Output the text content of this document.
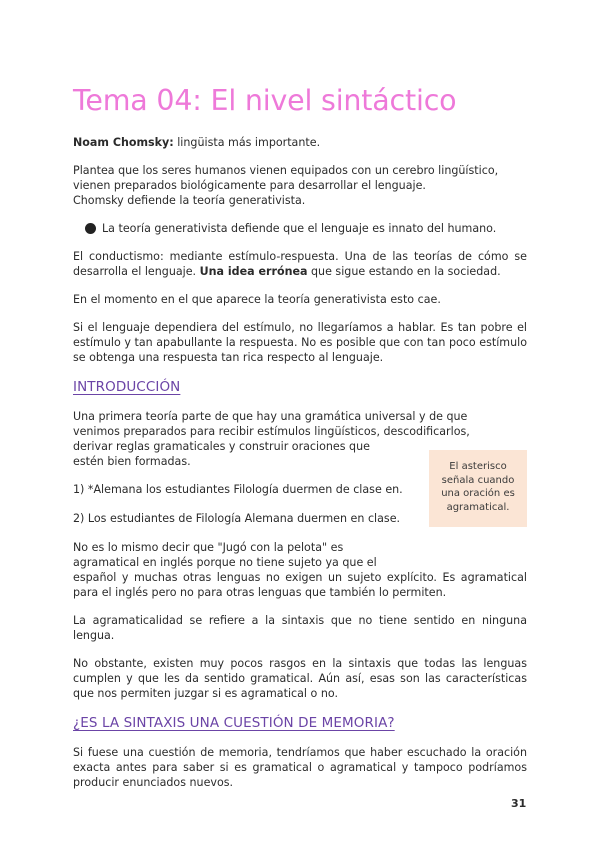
Tema 04: El nivel sintáctico

Noam Chomsky: lingüista más importante.

Plantea que los seres humanos vienen equipados con un cerebro lingüístico,
vienen preparados biológicamente para desarrollar el lenguaje.
Chomsky defiende la teoría generativista.

La teoría generativista defiende que el lenguaje es innato del humano.

El conductismo: mediante estímulo-respuesta. Una de las teorías de cómo se desarrolla el lenguaje. Una idea errónea que sigue estando en la sociedad.

En el momento en el que aparece la teoría generativista esto cae.

Si el lenguaje dependiera del estímulo, no llegaríamos a hablar. Es tan pobre el estímulo y tan apabullante la respuesta. No es posible que con tan poco estímulo se obtenga una respuesta tan rica respecto al lenguaje.

INTRODUCCIÓN
El asterisco señala cuando una oración es agramatical.

Una primera teoría parte de que hay una gramática universal y de que
venimos preparados para recibir estímulos lingüísticos, descodificarlos,
derivar reglas gramaticales y construir oraciones que
estén bien formadas.

1) *Alemana los estudiantes Filología duermen de clase en.

2) Los estudiantes de Filología Alemana duermen en clase.

No es lo mismo decir que "Jugó con la pelota" es
agramatical en inglés porque no tiene sujeto ya que el
español y muchas otras lenguas no exigen un sujeto explícito. Es agramatical para el inglés pero no para otras lenguas que también lo permiten.

La agramaticalidad se refiere a la sintaxis que no tiene sentido en ninguna lengua.

No obstante, existen muy pocos rasgos en la sintaxis que todas las lenguas cumplen y que les da sentido gramatical. Aún así, esas son las características que nos permiten juzgar si es agramatical o no.

¿ES LA SINTAXIS UNA CUESTIÓN DE MEMORIA?

Si fuese una cuestión de memoria, tendríamos que haber escuchado la oración exacta antes para saber si es gramatical o agramatical y tampoco podríamos producir enunciados nuevos.

31
